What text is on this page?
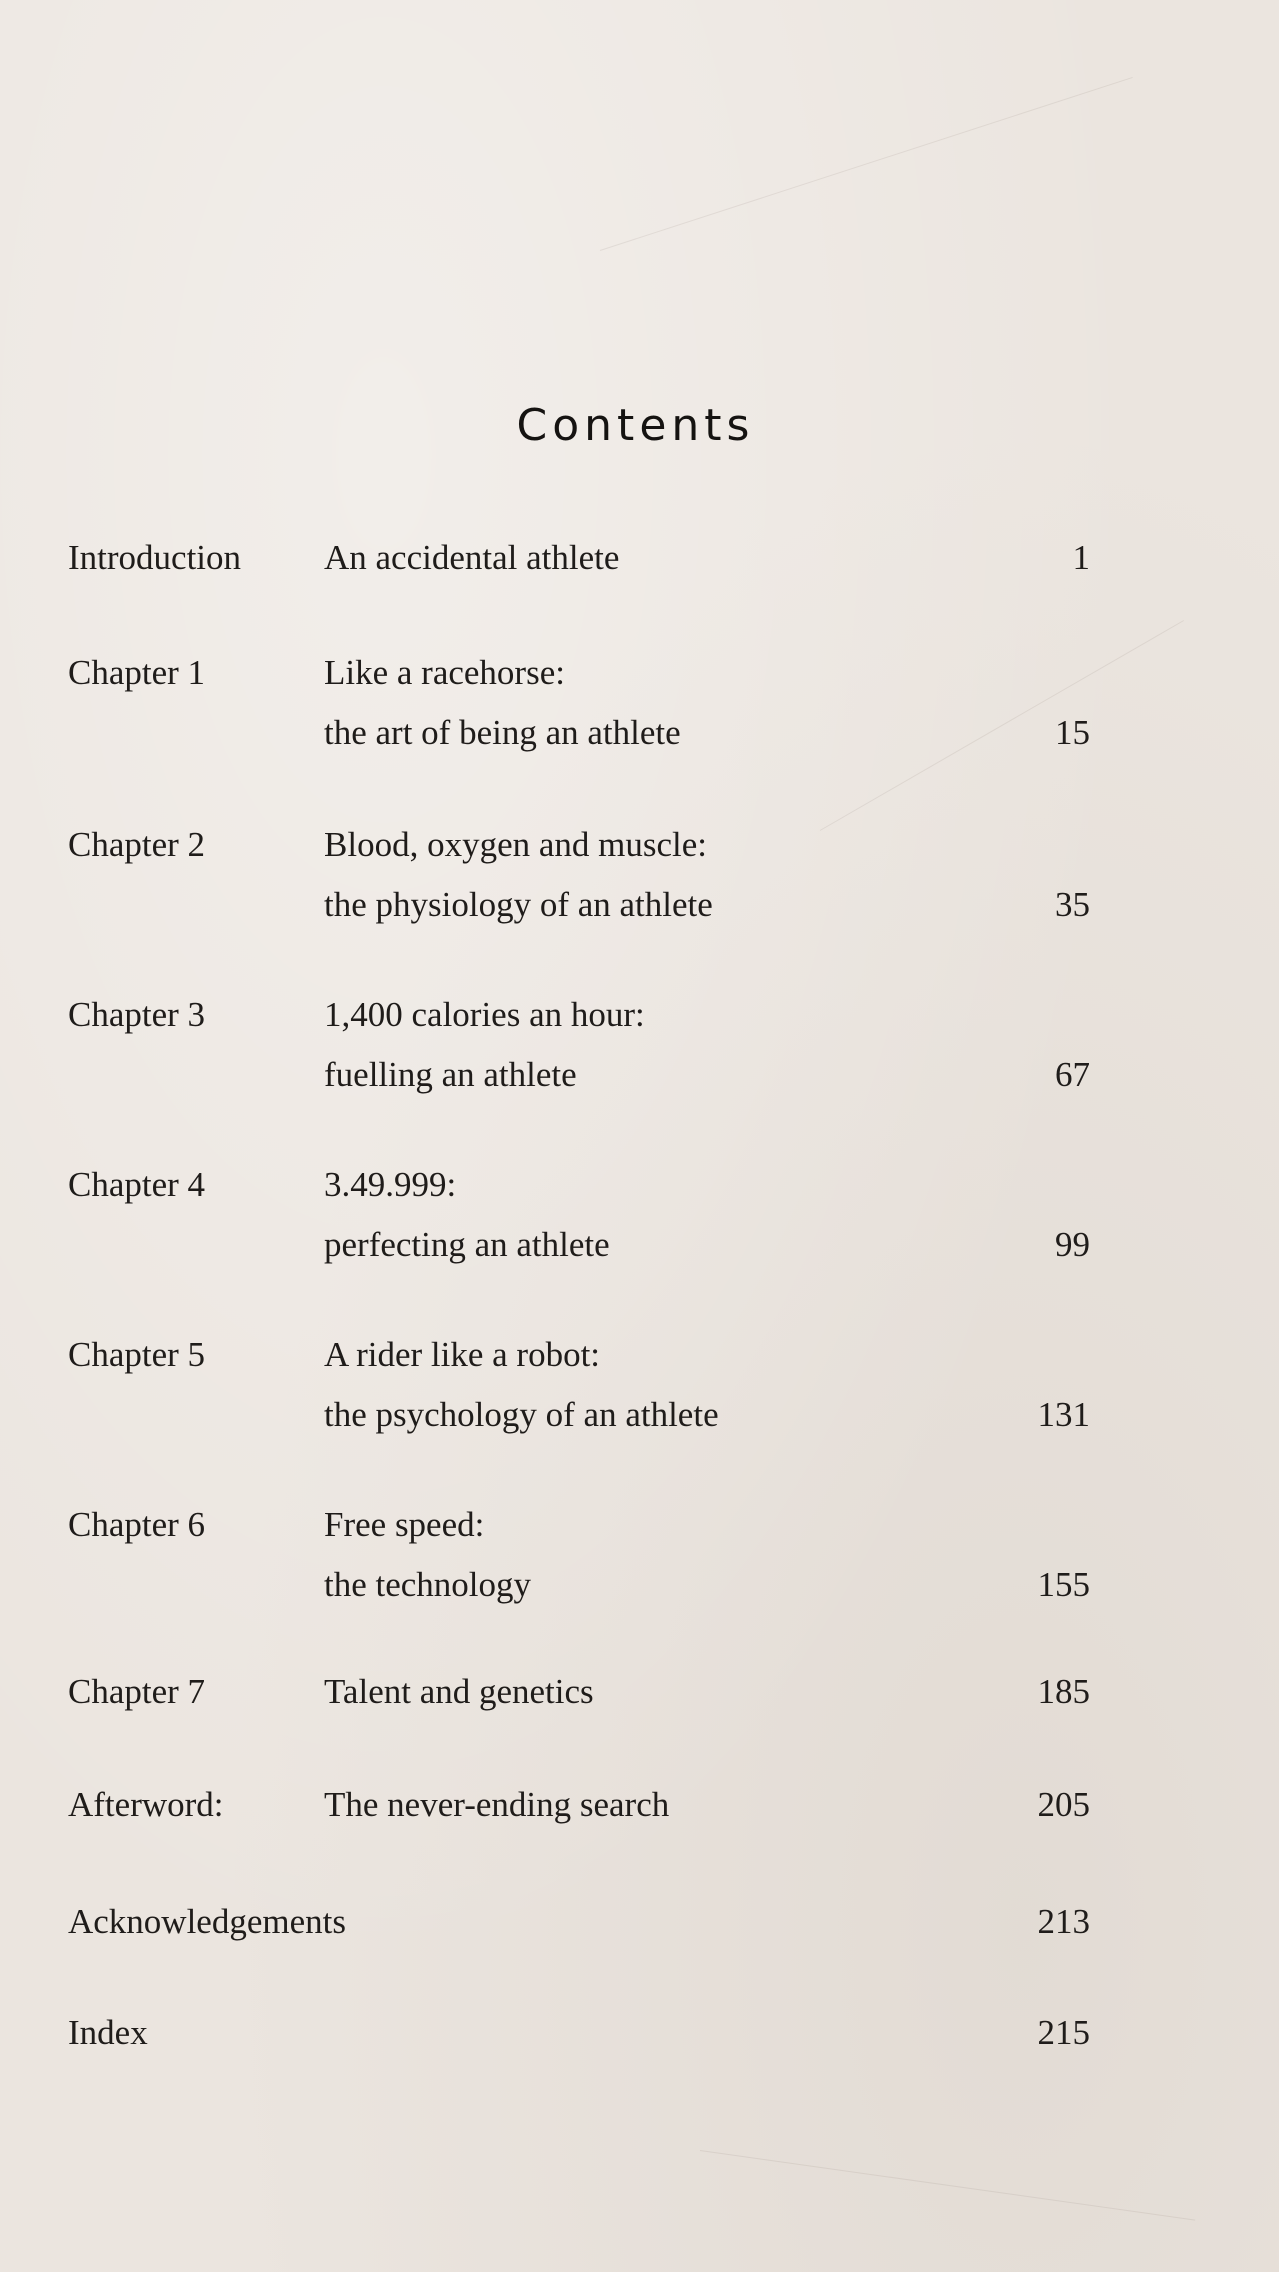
Contents
Introduction An accidental athlete	1
Chapter 1	Like a racehorse:
the art of being an athlete	15
Chapter 2	Blood, oxygen and muscle:
the physiology of an athlete	35
Chapter 3	1,400 calories an hour:
fuelling an athlete	67
Chapter 4	3.49.999:
perfecting an athlete	99
Chapter 5	A rider like a robot:
the psychology of an athlete	131
Chapter 6	Free speed:
the technology	155
Chapter 7	Talent and genetics	185
Afterword:	The never-ending search	205
Acknowledgements	213
Index	215
